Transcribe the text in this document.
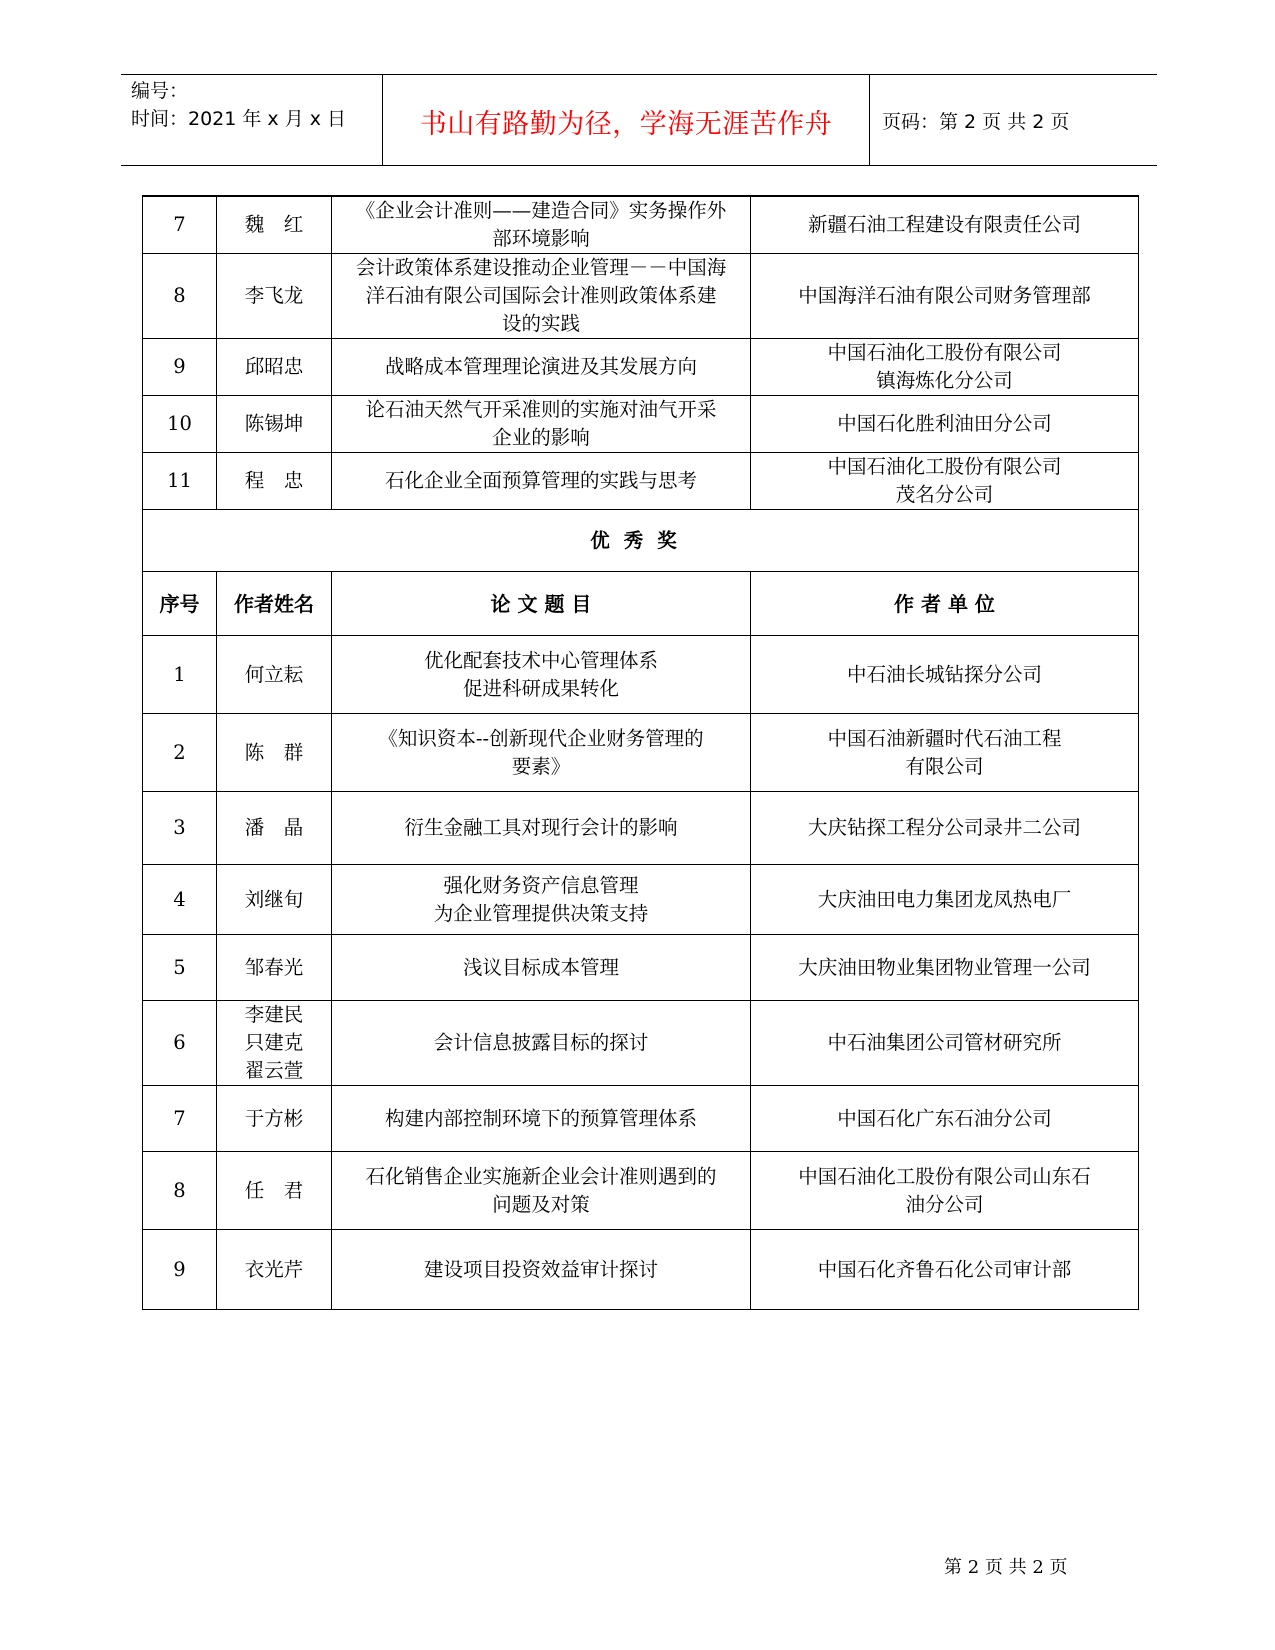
编号：
时间：2021 年 x 月 x 日	书山有路勤为径，学海无涯苦作舟	页码：第 2 页 共 2 页
7	魏　红	《企业会计准则——建造合同》实务操作外
部环境影响	新疆石油工程建设有限责任公司

8	李飞龙	会计政策体系建设推动企业管理－－中国海
洋石油有限公司国际会计准则政策体系建
设的实践	中国海洋石油有限公司财务管理部

9	邱昭忠	战略成本管理理论演进及其发展方向	中国石油化工股份有限公司
镇海炼化分公司

10	陈锡坤	论石油天然气开采准则的实施对油气开采
企业的影响	中国石化胜利油田分公司

11	程　忠	石化企业全面预算管理的实践与思考	中国石油化工股份有限公司
茂名分公司

优秀奖			
序号	作者姓名	论 文 题 目	作 者 单 位
1	何立耘	优化配套技术中心管理体系
促进科研成果转化	中石油长城钻探分公司

2	陈　群	《知识资本--创新现代企业财务管理的
要素》	中国石油新疆时代石油工程
有限公司

3	潘　晶	衍生金融工具对现行会计的影响	大庆钻探工程分公司录井二公司

4	刘继旬	强化财务资产信息管理
为企业管理提供决策支持	大庆油田电力集团龙凤热电厂

5	邹春光	浅议目标成本管理	大庆油田物业集团物业管理一公司

6	李建民
只建克
翟云萱	会计信息披露目标的探讨	中石油集团公司管材研究所

7	于方彬	构建内部控制环境下的预算管理体系	中国石化广东石油分公司

8	任　君	石化销售企业实施新企业会计准则遇到的
问题及对策	中国石油化工股份有限公司山东石
油分公司

9	衣光芹	建设项目投资效益审计探讨	中国石化齐鲁石化公司审计部
第 2 页 共 2 页
